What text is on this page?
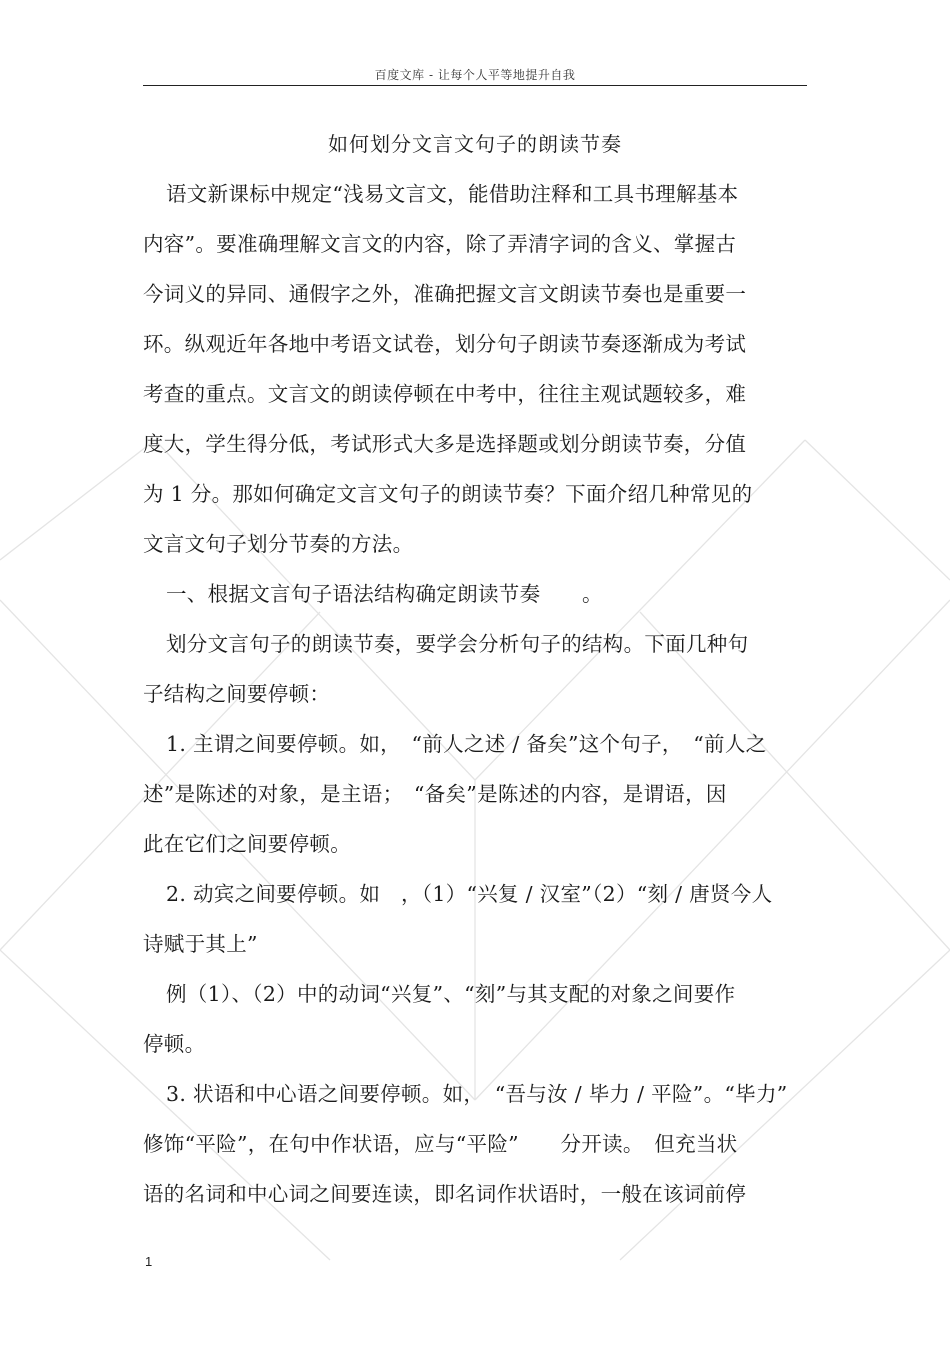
百度文库 - 让每个人平等地提升自我
如何划分文言文句子的朗读节奏
语文新课标中规定“浅易文言文，能借助注释和工具书理解基本
内容”。要准确理解文言文的内容，除了弄清字词的含义、掌握古
今词义的异同、通假字之外，准确把握文言文朗读节奏也是重要一
环。纵观近年各地中考语文试卷，划分句子朗读节奏逐渐成为考试
考查的重点。文言文的朗读停顿在中考中，往往主观试题较多，难
度大，学生得分低，考试形式大多是选择题或划分朗读节奏，分值
为 1 分。那如何确定文言文句子的朗读节奏？下面介绍几种常见的
文言文句子划分节奏的方法。
一、根据文言句子语法结构确定朗读节奏　　。
划分文言句子的朗读节奏，要学会分析句子的结构。下面几种句
子结构之间要停顿：
1. 主谓之间要停顿。如，　“前人之述 / 备矣”这个句子，　“前人之
述”是陈述的对象，是主语；　“备矣”是陈述的内容，是谓语，因
此在它们之间要停顿。
2. 动宾之间要停顿。如　，（1）“兴复 / 汉室”（2）“刻 / 唐贤今人
诗赋于其上”
例（1）、（2）中的动词“兴复”、“刻”与其支配的对象之间要作
停顿。
3. 状语和中心语之间要停顿。如，　“吾与汝 / 毕力 / 平险”。“毕力”
修饰“平险”，在句中作状语，应与“平险”　　分开读。　但充当状
语的名词和中心词之间要连读，即名词作状语时，一般在该词前停
1
